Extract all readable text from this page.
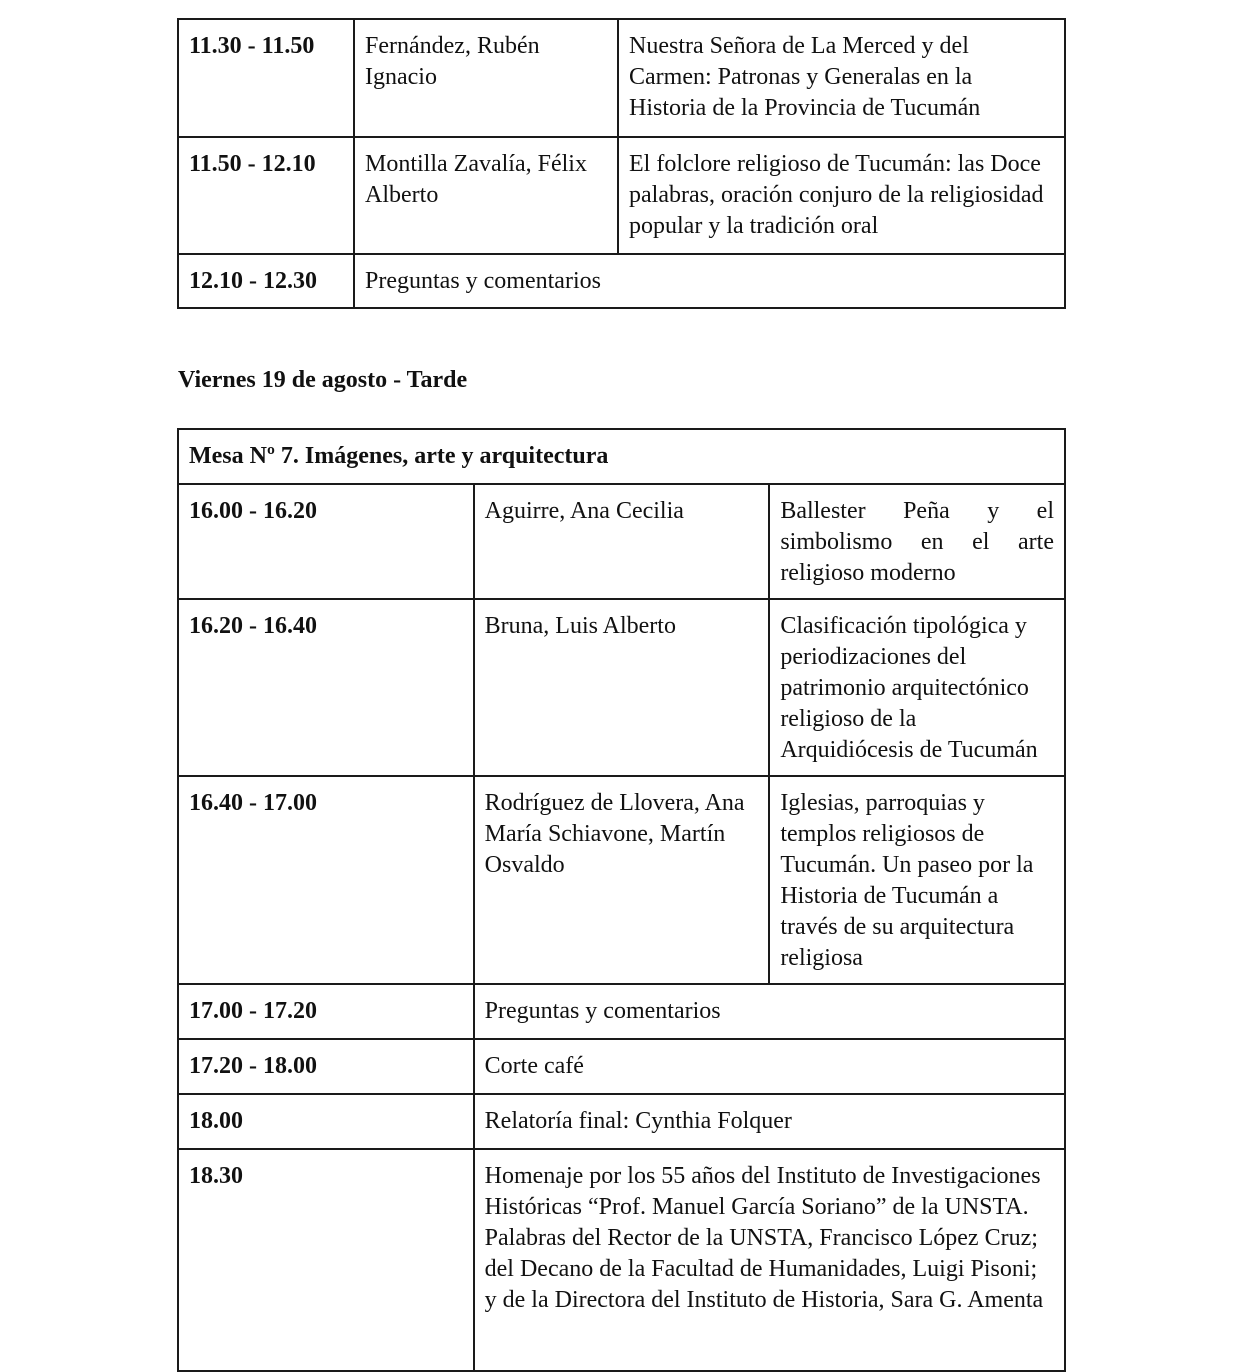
11.30 - 11.50	Fernández, Rubén Ignacio	Nuestra Señora de La Merced y del Carmen: Patronas y Generalas en la Historia de la Provincia de Tucumán
11.50 - 12.10	Montilla Zavalía, Félix Alberto	El folclore religioso de Tucumán: las Doce palabras, oración conjuro de la religiosidad popular y la tradición oral
12.10 - 12.30	Preguntas y comentarios	
Viernes 19 de agosto - Tarde
Mesa Nº 7. Imágenes, arte y arquitectura		
16.00 - 16.20	Aguirre, Ana Cecilia	Ballester Peña y el simbolismo en el arte religioso moderno
16.20 - 16.40	Bruna, Luis Alberto	Clasificación tipológica y periodizaciones del patrimonio arquitectónico religioso de la Arquidiócesis de Tucumán
16.40 - 17.00	Rodríguez de Llovera, Ana María Schiavone, Martín Osvaldo	Iglesias, parroquias y templos religiosos de Tucumán. Un paseo por la Historia de Tucumán a través de su arquitectura religiosa
17.00 - 17.20	Preguntas y comentarios	
17.20 - 18.00	Corte café	
18.00	Relatoría final: Cynthia Folquer	
18.30	Homenaje por los 55 años del Instituto de Investigaciones Históricas “Prof. Manuel García Soriano” de la UNSTA. Palabras del Rector de la UNSTA, Francisco López Cruz; del Decano de la Facultad de Humanidades, Luigi Pisoni; y de la Directora del Instituto de Historia, Sara G. Amenta	
